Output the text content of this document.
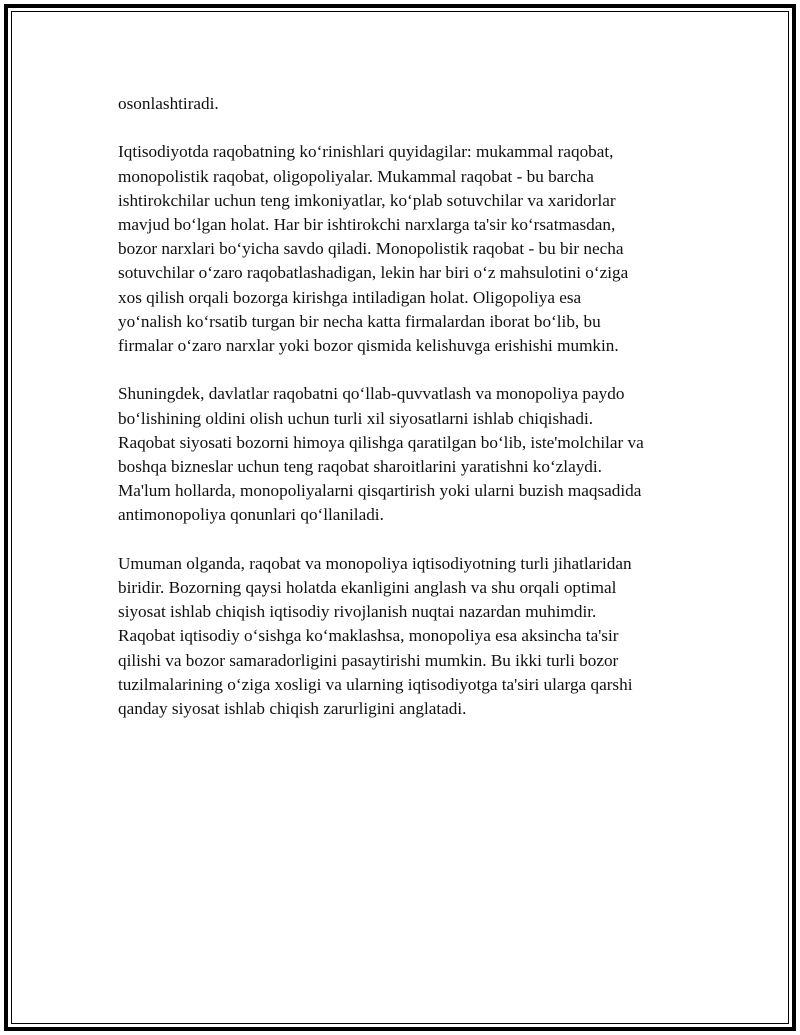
osonlashtiradi.

Iqtisodiyotda raqobatning ko‘rinishlari quyidagilar: mukammal raqobat,
monopolistik raqobat, oligopoliyalar. Mukammal raqobat - bu barcha
ishtirokchilar uchun teng imkoniyatlar, ko‘plab sotuvchilar va xaridorlar
mavjud bo‘lgan holat. Har bir ishtirokchi narxlarga ta'sir ko‘rsatmasdan,
bozor narxlari bo‘yicha savdo qiladi. Monopolistik raqobat - bu bir necha
sotuvchilar o‘zaro raqobatlashadigan, lekin har biri o‘z mahsulotini o‘ziga
xos qilish orqali bozorga kirishga intiladigan holat. Oligopoliya esa
yo‘nalish ko‘rsatib turgan bir necha katta firmalardan iborat bo‘lib, bu
firmalar o‘zaro narxlar yoki bozor qismida kelishuvga erishishi mumkin.

Shuningdek, davlatlar raqobatni qo‘llab-quvvatlash va monopoliya paydo
bo‘lishining oldini olish uchun turli xil siyosatlarni ishlab chiqishadi.
Raqobat siyosati bozorni himoya qilishga qaratilgan bo‘lib, iste'molchilar va
boshqa bizneslar uchun teng raqobat sharoitlarini yaratishni ko‘zlaydi.
Ma'lum hollarda, monopoliyalarni qisqartirish yoki ularni buzish maqsadida
antimonopoliya qonunlari qo‘llaniladi.

Umuman olganda, raqobat va monopoliya iqtisodiyotning turli jihatlaridan
biridir. Bozorning qaysi holatda ekanligini anglash va shu orqali optimal
siyosat ishlab chiqish iqtisodiy rivojlanish nuqtai nazardan muhimdir.
Raqobat iqtisodiy o‘sishga ko‘maklashsa, monopoliya esa aksincha ta'sir
qilishi va bozor samaradorligini pasaytirishi mumkin. Bu ikki turli bozor
tuzilmalarining o‘ziga xosligi va ularning iqtisodiyotga ta'siri ularga qarshi
qanday siyosat ishlab chiqish zarurligini anglatadi.
